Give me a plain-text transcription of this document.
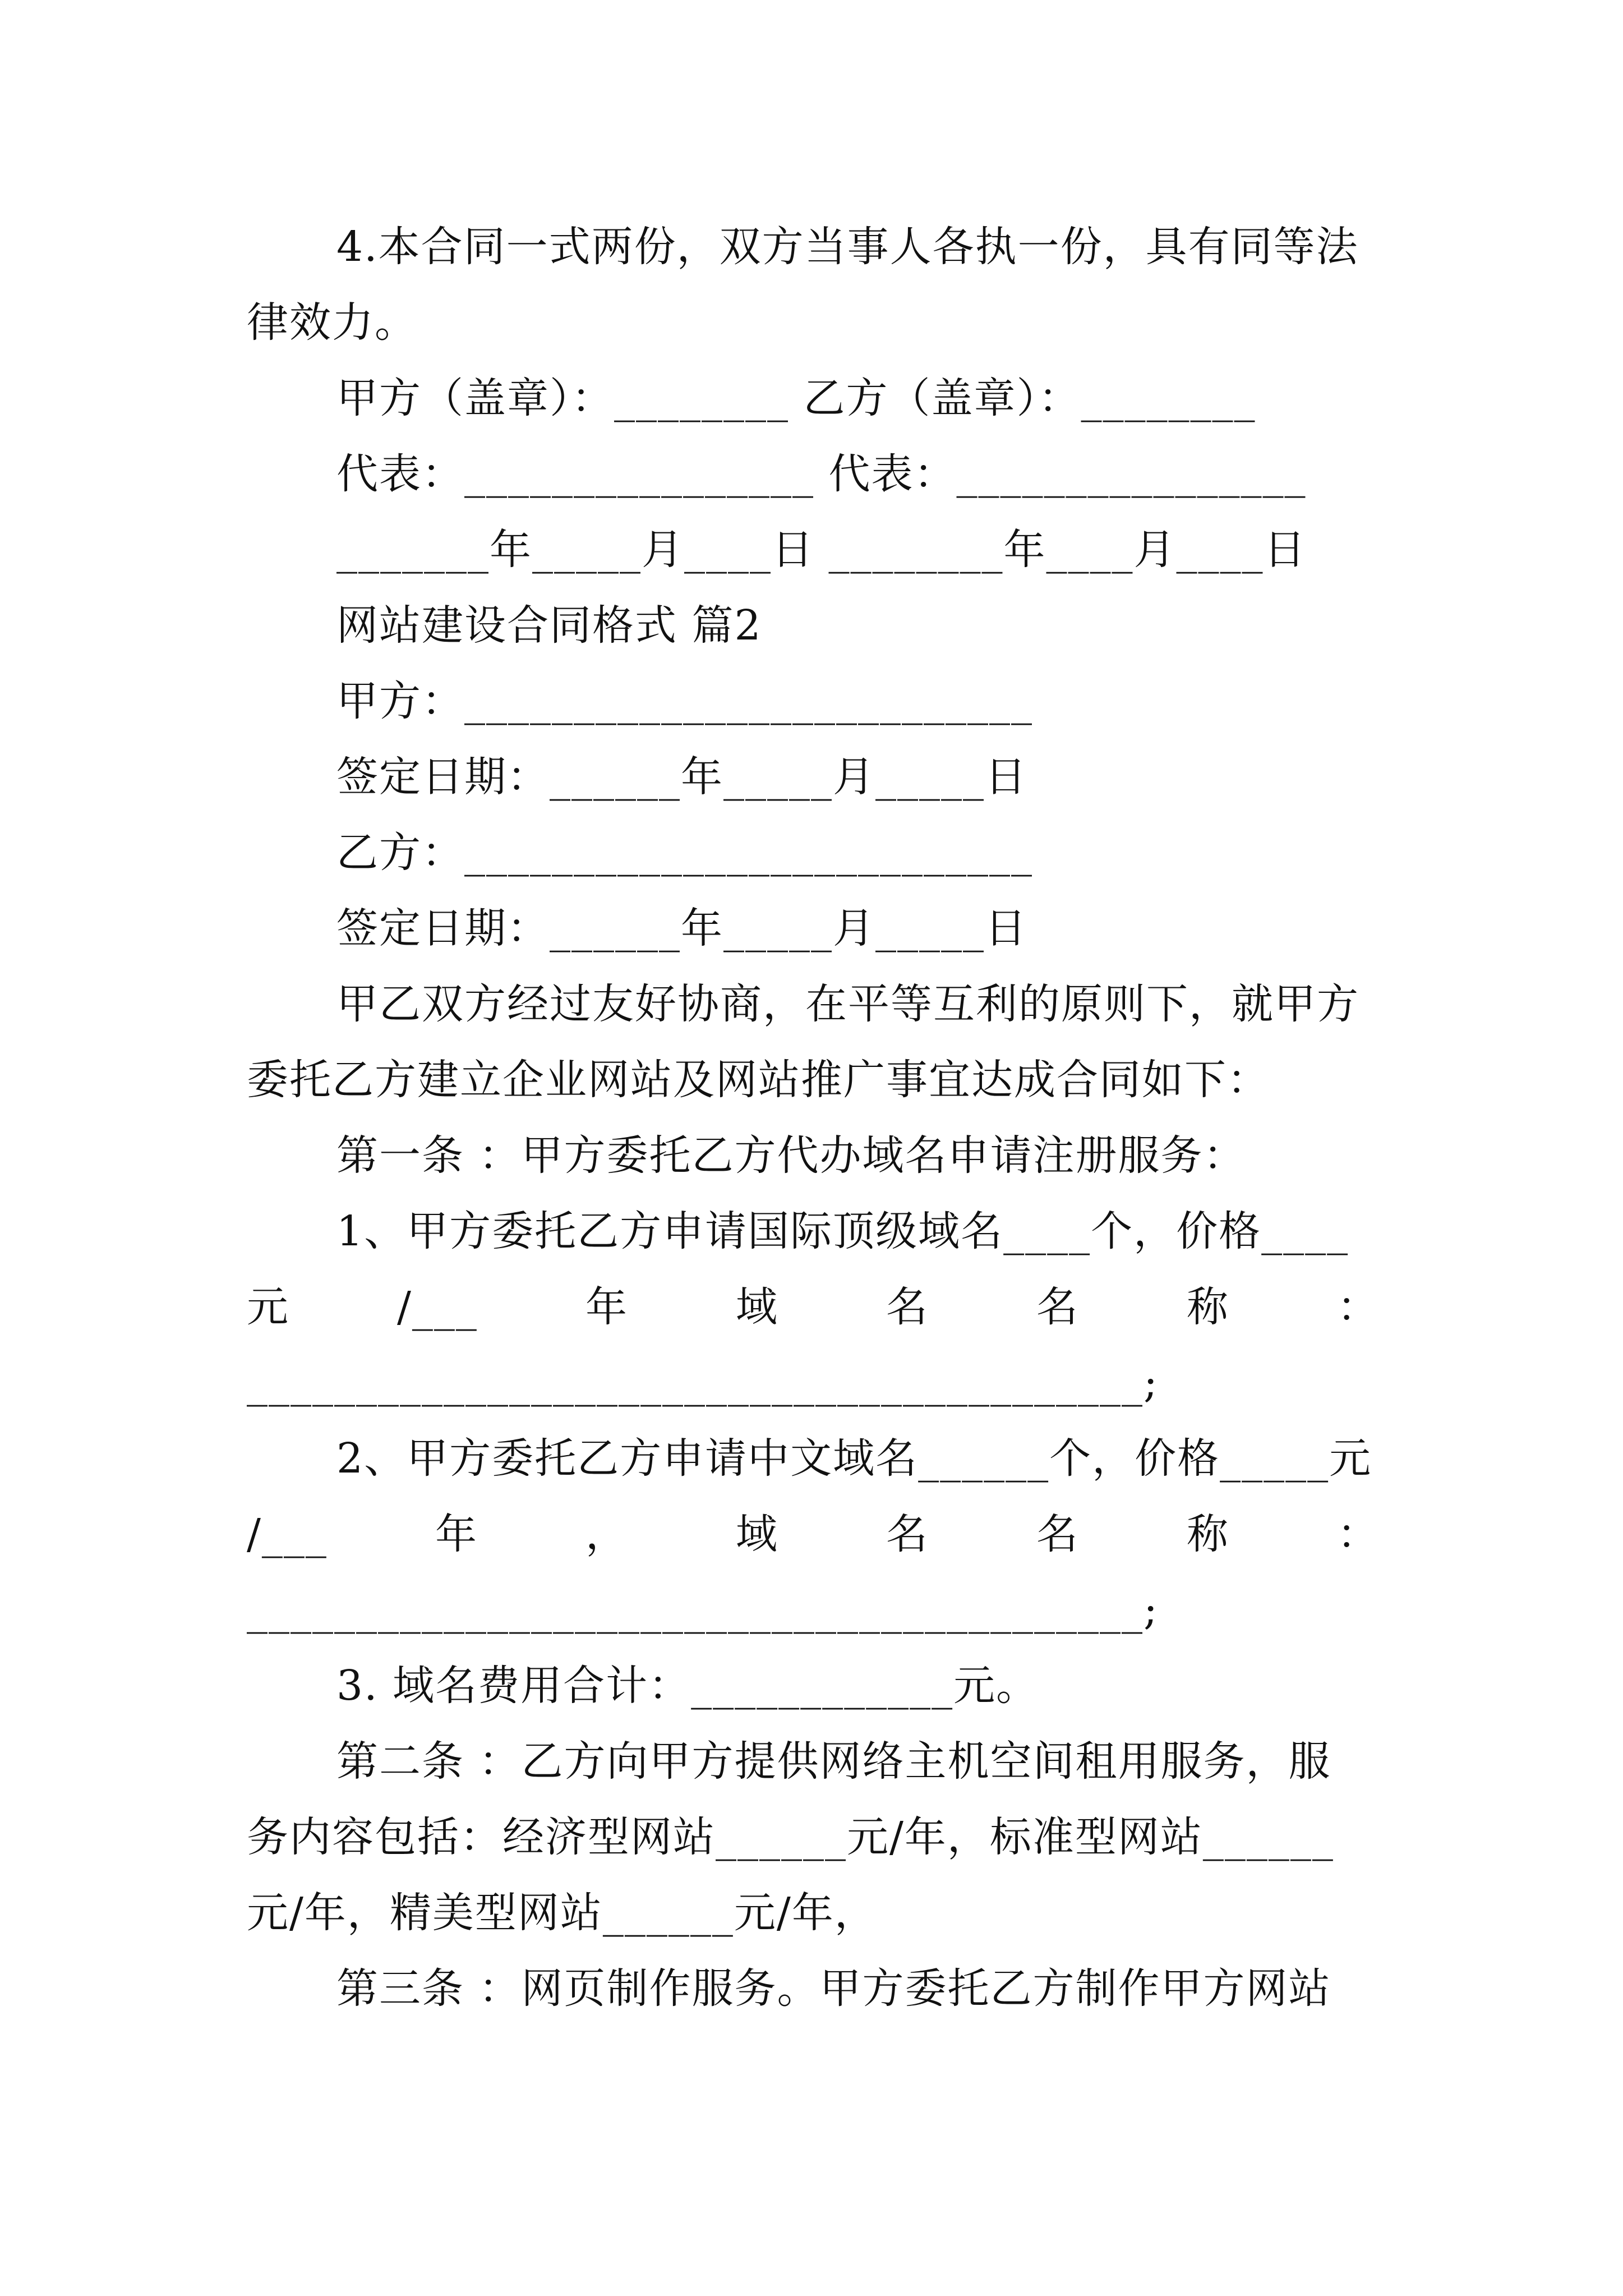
4.本合同一式两份，双方当事人各执一份，具有同等法
律效力。
甲方（盖章）：________ 乙方（盖章）：________
代表：________________ 代表：________________
_______年_____月____日 ________年____月____日
网站建设合同格式 篇2
甲方：__________________________
签定日期：______年_____月_____日
乙方：__________________________
签定日期：______年_____月_____日
甲乙双方经过友好协商，在平等互利的原则下，就甲方
委托乙方建立企业网站及网站推广事宜达成合同如下：
第一条 ：甲方委托乙方代办域名申请注册服务：
1、甲方委托乙方申请国际顶级域名____个，价格____
元	/___	年	域	名	名	称	：
_________________________________________;
2、甲方委托乙方申请中文域名______个，价格_____元
/___	年	，	域	名	名	称	：
_________________________________________;
3. 域名费用合计：____________元。
第二条 ：乙方向甲方提供网络主机空间租用服务，服
务内容包括：经济型网站______元/年，标准型网站______
元/年，精美型网站______元/年，
第三条 ：网页制作服务。甲方委托乙方制作甲方网站
